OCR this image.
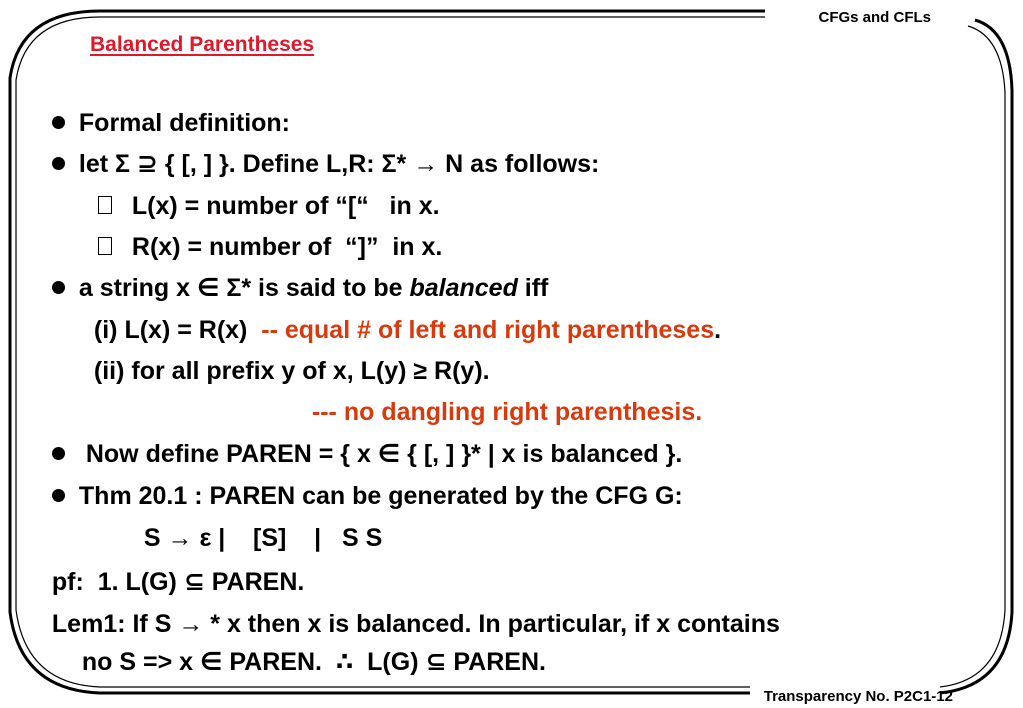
CFGs and CFLs
Balanced Parentheses

Formal definition:

let Σ ⊇ { [, ] }. Define L,R: Σ* → N as follows:

L(x) = number of “[“   in x.

R(x) = number of  “]”  in x.

a string x ∈ Σ* is said to be balanced iff

(i) L(x) = R(x)  -- equal # of left and right parentheses.

(ii) for all prefix y of x, L(y) ≥ R(y).

--- no dangling right parenthesis.

Now define PAREN = { x ∈ { [, ] }* | x is balanced }.

Thm 20.1 : PAREN can be generated by the CFG G:

S → ε |    [S]    |   S S

pf:  1. L(G) ⊆ PAREN.

Lem1: If S → * x then x is balanced. In particular, if x contains

no S => x ∈ PAREN.  ∴  L(G) ⊆ PAREN.

Transparency No. P2C1-12
